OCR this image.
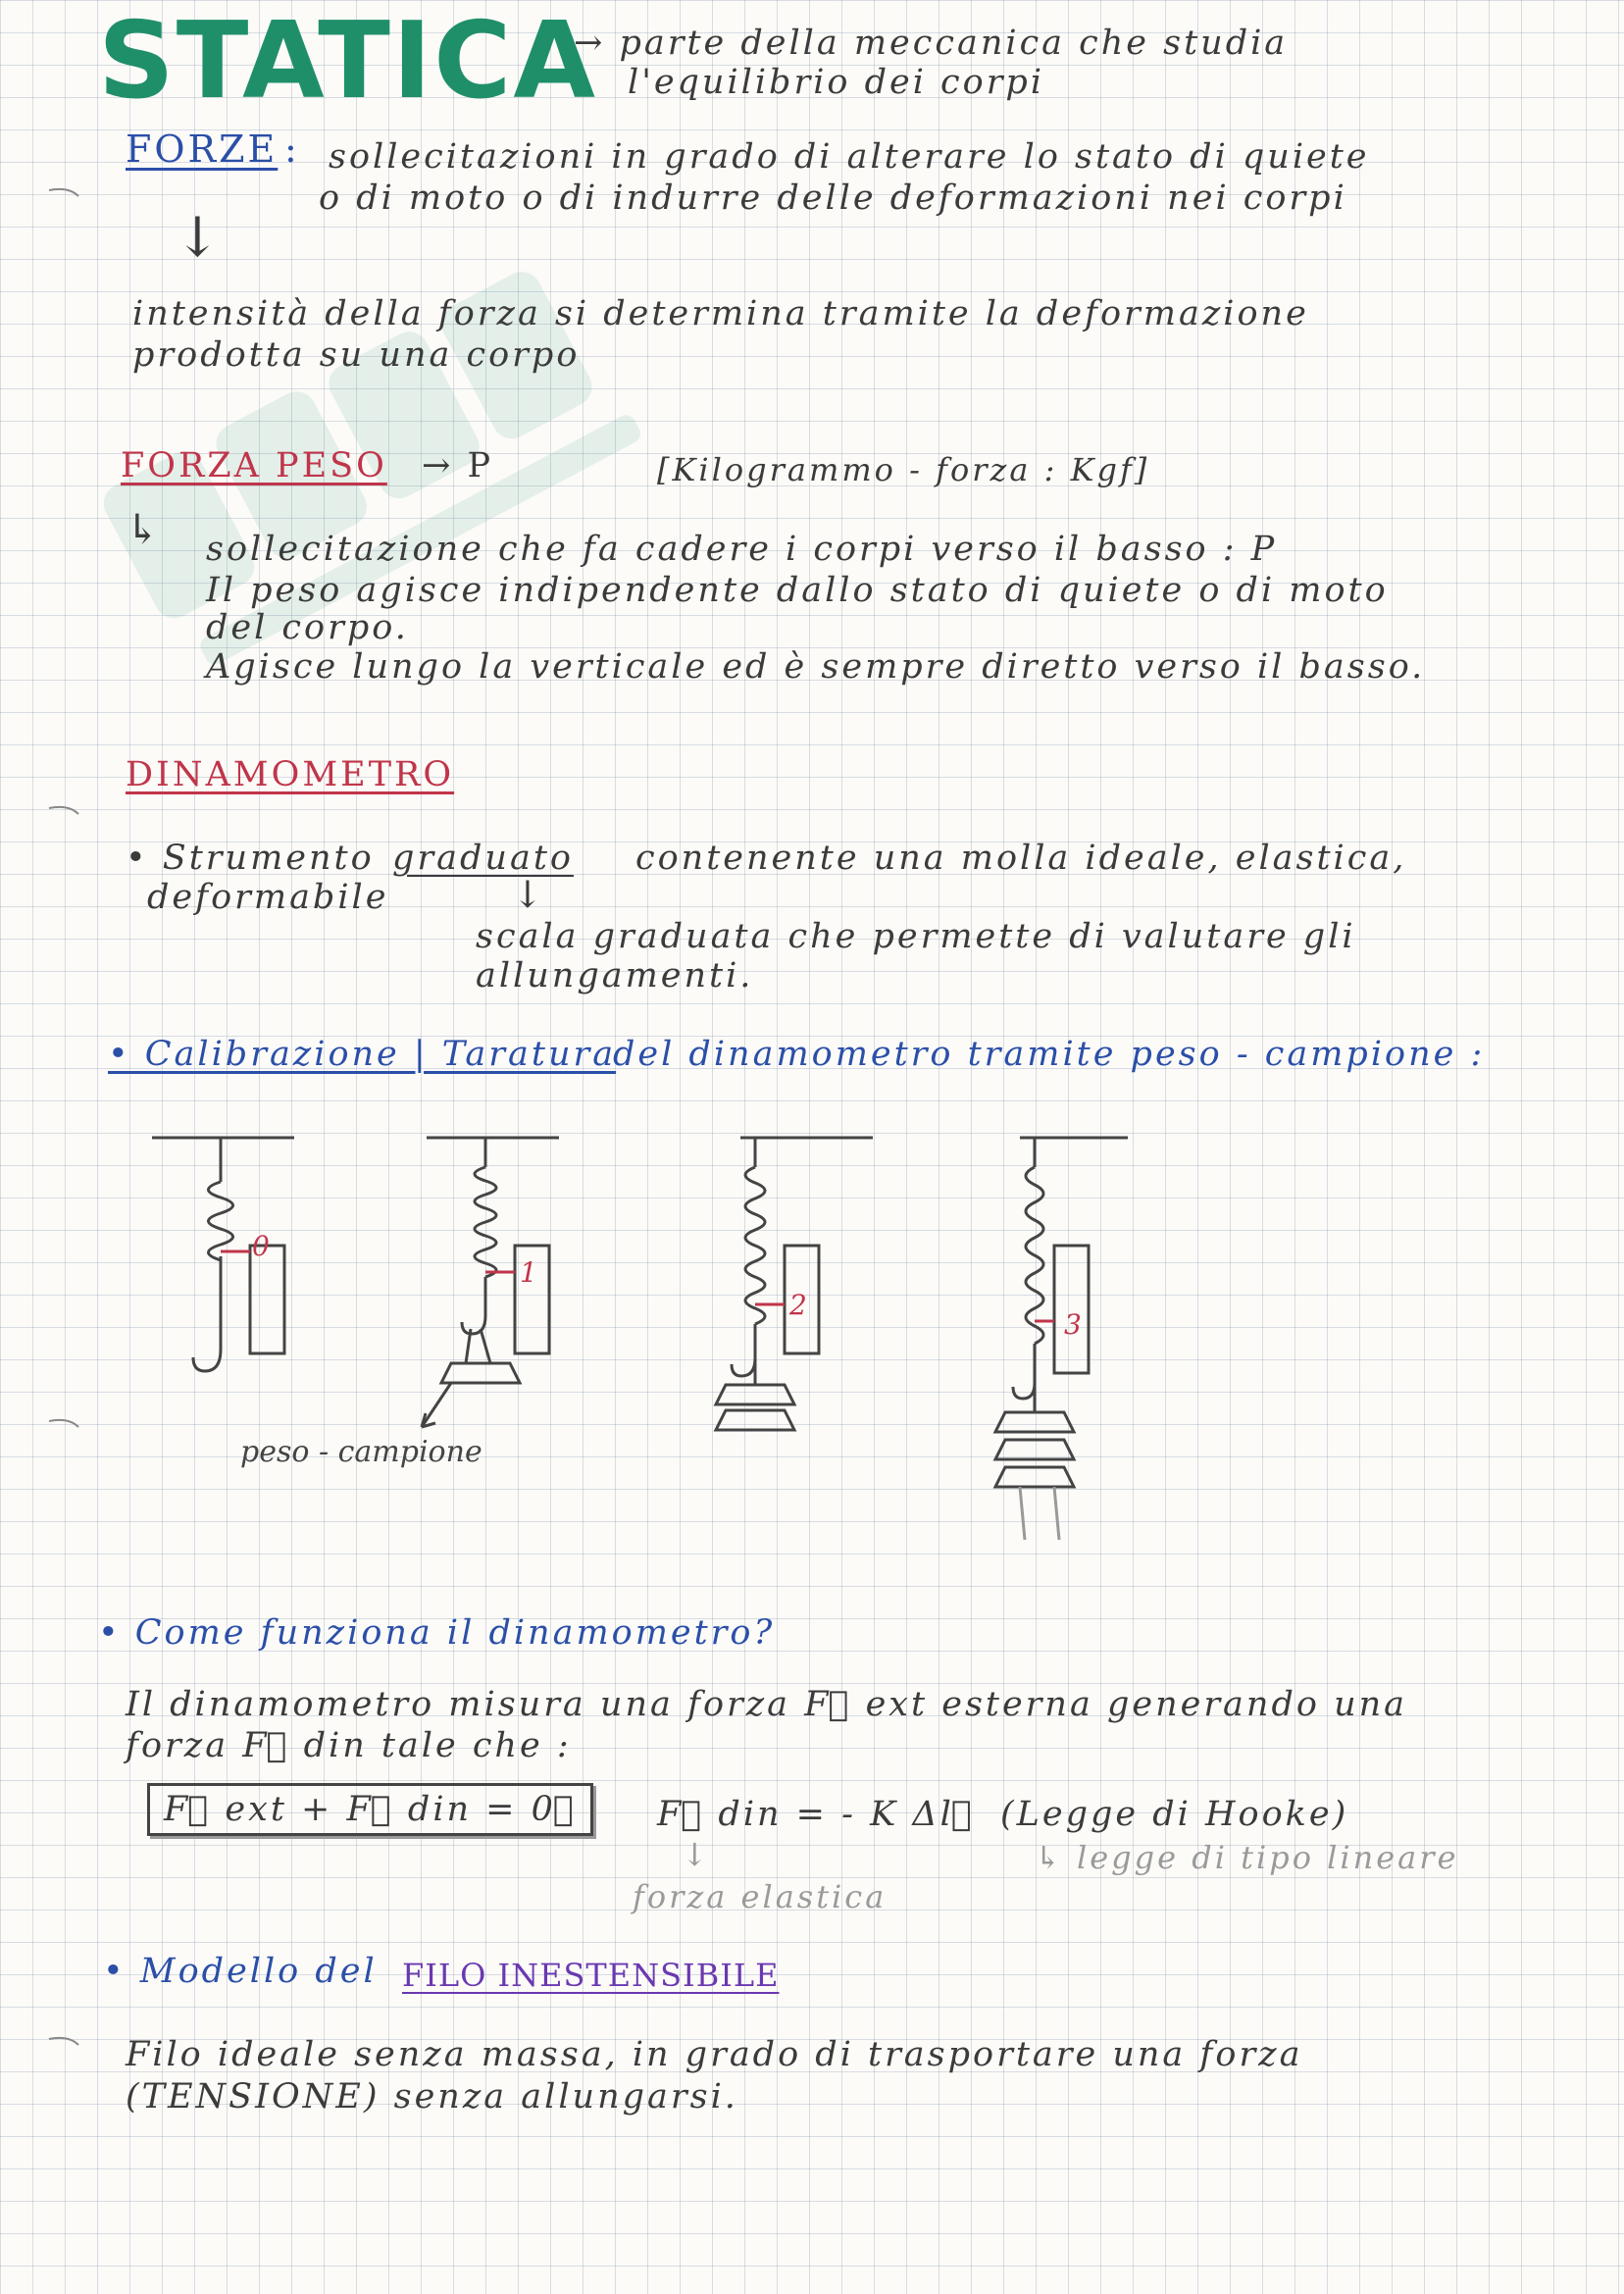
STATICA
→ parte della meccanica che studia
l'equilibrio dei corpi
FORZE : sollecitazioni in grado di alterare lo stato di quiete
o di moto o di indurre delle deformazioni nei corpi
↓
intensità della forza si determina tramite la deformazione
prodotta su una corpo
FORZA PESO → P	[Kilogrammo - forza : Kgf]
↳ sollecitazione che fa cadere i corpi verso il basso : P
Il peso agisce indipendente dallo stato di quiete o di moto
del corpo.
Agisce lungo la verticale ed è sempre diretto verso il basso.
DINAMOMETRO
• Strumento graduato contenente una molla ideale, elastica,
deformabile	↓
scala graduata che permette di valutare gli
allungamenti.
• Calibrazione | Taratura
del dinamometro tramite peso - campione :
0
1
peso - campione
2
3
• Come funziona il dinamometro?
Il dinamometro misura una forza F⃗ ext esterna generando una
forza F⃗ din tale che :
F⃗ ext + F⃗ din = 0⃗	F⃗ din = - K Δl⃗ (Legge di Hooke)
↳ legge di tipo lineare
↓
forza elastica
• Modello del FILO INESTENSIBILE
Filo ideale senza massa, in grado di trasportare una forza
(TENSIONE) senza allungarsi.
